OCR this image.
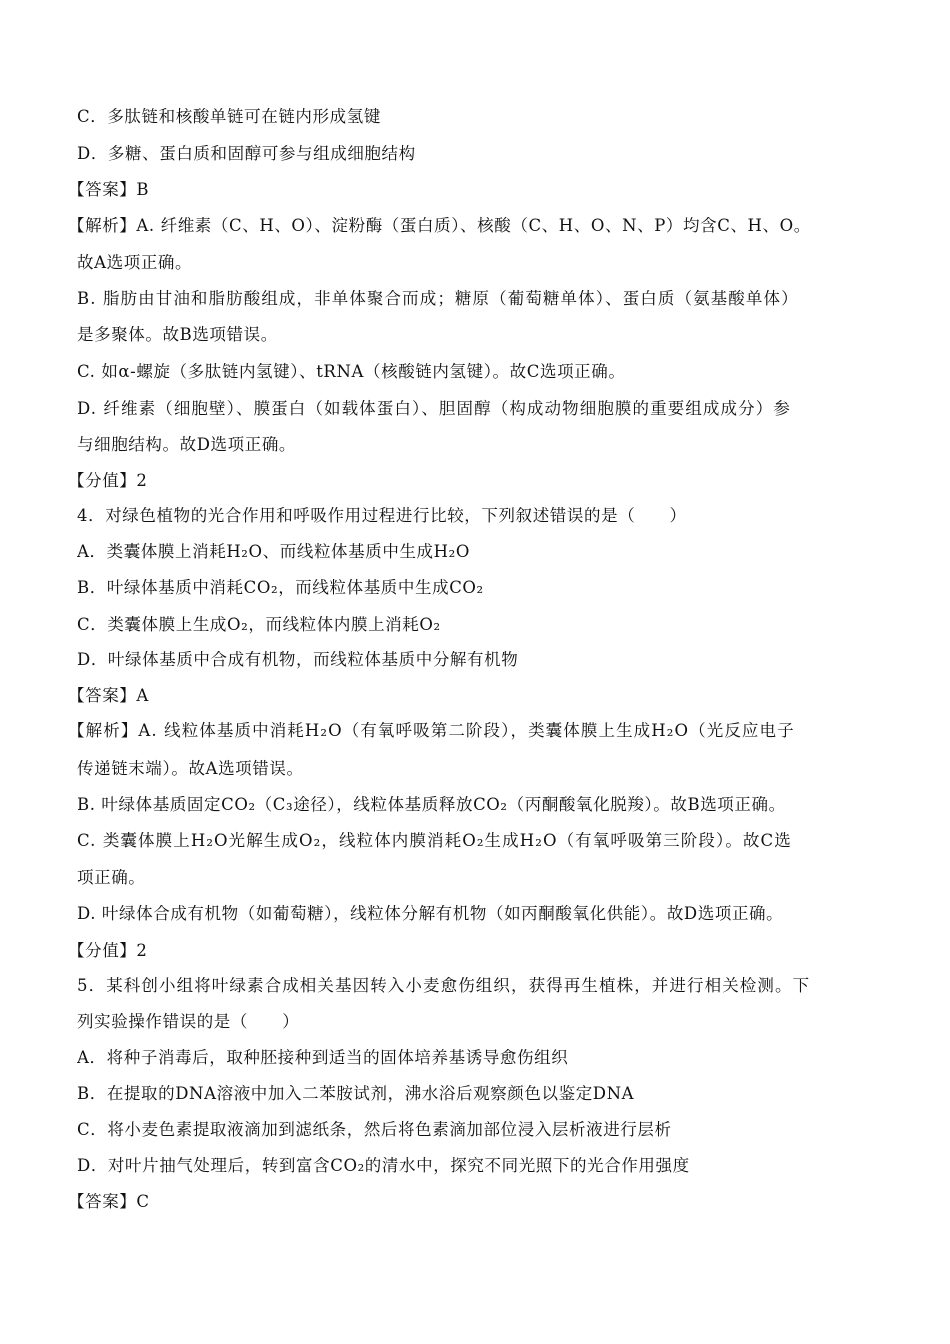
C．多肽链和核酸单链可在链内形成氢键
D．多糖、蛋白质和固醇可参与组成细胞结构
【答案】B
【解析】A. 纤维素（C、H、O）、淀粉酶（蛋白质）、核酸（C、H、O、N、P）均含C、H、O。
故A选项正确。
B. 脂肪由甘油和脂肪酸组成，非单体聚合而成；糖原（葡萄糖单体）、蛋白质（氨基酸单体）
是多聚体。故B选项错误。
C. 如α-螺旋（多肽链内氢键）、tRNA（核酸链内氢键）。故C选项正确。
D. 纤维素（细胞壁）、膜蛋白（如载体蛋白）、胆固醇（构成动物细胞膜的重要组成成分）参
与细胞结构。故D选项正确。
【分值】2
4．对绿色植物的光合作用和呼吸作用过程进行比较，下列叙述错误的是（　　）
A．类囊体膜上消耗H₂O、而线粒体基质中生成H₂O
B．叶绿体基质中消耗CO₂，而线粒体基质中生成CO₂
C．类囊体膜上生成O₂，而线粒体内膜上消耗O₂
D．叶绿体基质中合成有机物，而线粒体基质中分解有机物
【答案】A
【解析】A. 线粒体基质中消耗H₂O（有氧呼吸第二阶段），类囊体膜上生成H₂O（光反应电子
传递链末端）。故A选项错误。
B. 叶绿体基质固定CO₂（C₃途径），线粒体基质释放CO₂（丙酮酸氧化脱羧）。故B选项正确。
C. 类囊体膜上H₂O光解生成O₂，线粒体内膜消耗O₂生成H₂O（有氧呼吸第三阶段）。故C选
项正确。
D. 叶绿体合成有机物（如葡萄糖），线粒体分解有机物（如丙酮酸氧化供能）。故D选项正确。
【分值】2
5．某科创小组将叶绿素合成相关基因转入小麦愈伤组织，获得再生植株，并进行相关检测。下
列实验操作错误的是（　　）
A．将种子消毒后，取种胚接种到适当的固体培养基诱导愈伤组织
B．在提取的DNA溶液中加入二苯胺试剂，沸水浴后观察颜色以鉴定DNA
C．将小麦色素提取液滴加到滤纸条，然后将色素滴加部位浸入层析液进行层析
D．对叶片抽气处理后，转到富含CO₂的清水中，探究不同光照下的光合作用强度
【答案】C
